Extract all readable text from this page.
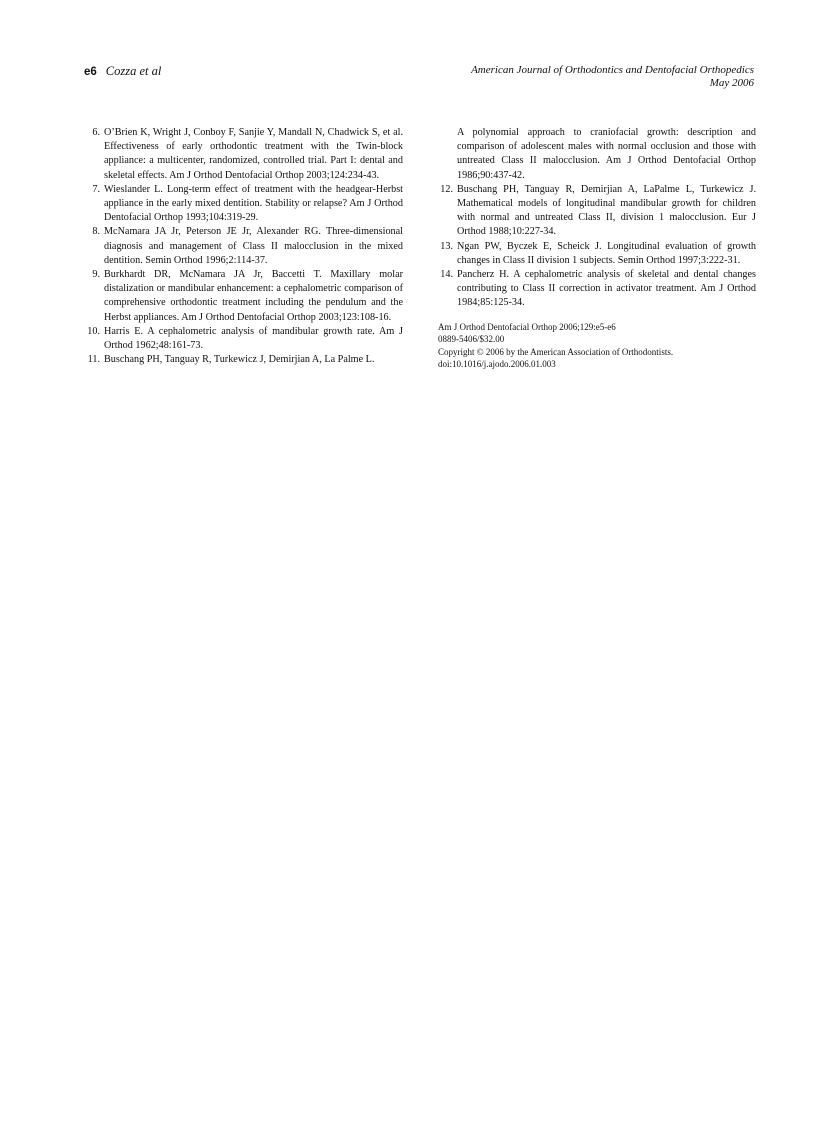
e6 Cozza et al	American Journal of Orthodontics and Dentofacial Orthopedics
May 2006

6. O’Brien K, Wright J, Conboy F, Sanjie Y, Mandall N, Chadwick S, et al. Effectiveness of early orthodontic treatment with the Twin-block appliance: a multicenter, randomized, controlled trial. Part I: dental and skeletal effects. Am J Orthod Dentofacial Orthop 2003;124:234-43.

7. Wieslander L. Long-term effect of treatment with the headgear-Herbst appliance in the early mixed dentition. Stability or relapse? Am J Orthod Dentofacial Orthop 1993;104:319-29.

8. McNamara JA Jr, Peterson JE Jr, Alexander RG. Three-dimensional diagnosis and management of Class II malocclusion in the mixed dentition. Semin Orthod 1996;2:114-37.

9. Burkhardt DR, McNamara JA Jr, Baccetti T. Maxillary molar distalization or mandibular enhancement: a cephalometric comparison of comprehensive orthodontic treatment including the pendulum and the Herbst appliances. Am J Orthod Dentofacial Orthop 2003;123:108-16.

10. Harris E. A cephalometric analysis of mandibular growth rate. Am J Orthod 1962;48:161-73.

11. Buschang PH, Tanguay R, Turkewicz J, Demirjian A, La Palme L.

A polynomial approach to craniofacial growth: description and comparison of adolescent males with normal occlusion and those with untreated Class II malocclusion. Am J Orthod Dentofacial Orthop 1986;90:437-42.

12. Buschang PH, Tanguay R, Demirjian A, LaPalme L, Turkewicz J. Mathematical models of longitudinal mandibular growth for children with normal and untreated Class II, division 1 malocclusion. Eur J Orthod 1988;10:227-34.

13. Ngan PW, Byczek E, Scheick J. Longitudinal evaluation of growth changes in Class II division 1 subjects. Semin Orthod 1997;3:222-31.

14. Pancherz H. A cephalometric analysis of skeletal and dental changes contributing to Class II correction in activator treatment. Am J Orthod 1984;85:125-34.

Am J Orthod Dentofacial Orthop 2006;129:e5-e6
0889-5406/$32.00
Copyright © 2006 by the American Association of Orthodontists.
doi:10.1016/j.ajodo.2006.01.003
